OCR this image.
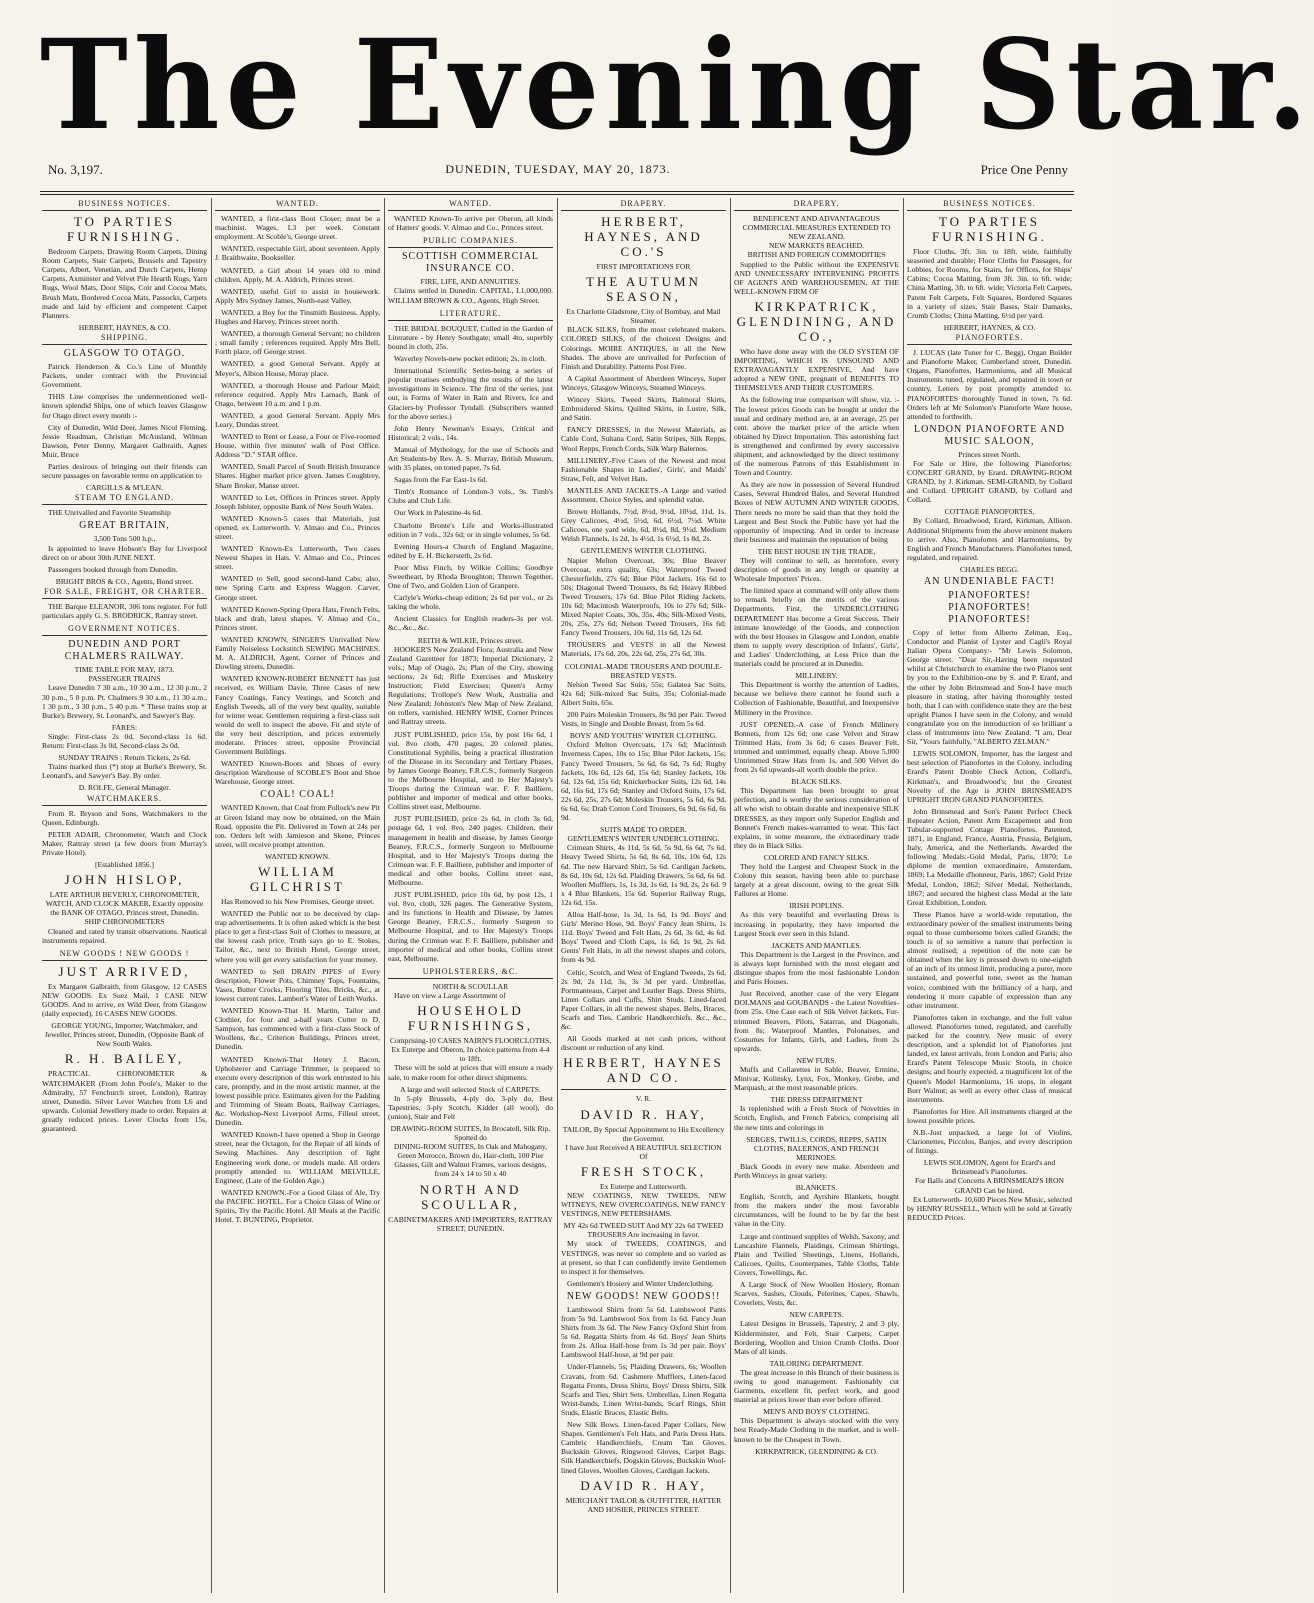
The Evening Star.
No. 3,197.	DUNEDIN, TUESDAY, MAY 20, 1873.	Price One Penny
BUSINESS NOTICES.
TO PARTIES FURNISHING.
Bedroom Carpets, Drawing Room Carpets, Dining Room Carpets, Stair Carpets, Brussels and Tapestry Carpets, Albert, Venetian, and Dutch Carpets, Hemp Carpets, Axminster and Velvet Pile Hearth Rugs, Yarn Rugs, Wool Mats, Door Slips, Coir and Cocoa Mats, Brush Mats, Bordered Cocoa Mats, Passocks, Carpets made and laid by efficient and competent Carpet Planners.
HERBERT, HAYNES, & CO.
SHIPPING.
GLASGOW TO OTAGO.
Patrick Henderson & Co.'s Line of Monthly Packets, under contract with the Provincial Government.
THIS Line comprises the undermentioned well-known splendid Ships, one of which leaves Glasgow for Otago direct every month :-
City of Dunedin, Wild Deer, James Nicol Fleming, Jessie Readman, Christian McAusland, Wilman Dawson, Peter Denny, Margaret Galbraith, Agnes Muir, Bruce
Parties desirous of bringing out their friends can secure passages on favorable terms on application to
CARGILLS & M'LEAN.
STEAM TO ENGLAND.
THE Unrivalled and Favorite Steamship
GREAT BRITAIN,
3,500 Tons 500 h.p.,
Is appointed to leave Hobson's Bay for Liverpool direct on or about 30th JUNE NEXT.
Passengers booked through from Dunedin.
BRIGHT BROS & CO., Agents, Bond street.
FOR SALE, FREIGHT, OR CHARTER.
THE Barque ELEANOR, 306 tons register. For full particulars apply G. S. BRODRICK, Rattray street.
GOVERNMENT NOTICES.
DUNEDIN AND PORT CHALMERS RAILWAY.
TIME TABLE FOR MAY, 1873.
PASSENGER TRAINS
Leave Dunedin 7 30 a.m., 10 30 a.m., 12 30 p.m., 2 30 p.m., 5 0 p.m. Pt. Chalmers 9 30 a.m., 11 30 a.m., 1 30 p.m., 3 30 p.m., 5 40 p.m. * These trains stop at Burke's Brewery, St. Leonard's, and Sawyer's Bay.
FARES:
Single: First-class 2s 0d, Second-class 1s 6d. Return: First-class 3s 0d, Second-class 2s 0d.
SUNDAY TRAINS : Return Tickets, 2s 6d.
Trains marked thus (*) stop at Burke's Brewery, St. Leonard's, and Sawyer's Bay. By order.
D. ROLFE, General Manager.
WATCHMAKERS.
From R. Bryson and Sons, Watchmakers to the Queen, Edinburgh.
PETER ADAIR, Chronometer, Watch and Clock Maker, Rattray street (a few doors from Murray's Private Hotel).
[Established 1856.]
JOHN HISLOP,
LATE ARTHUR BEVERLY, CHRONOMETER, WATCH, AND CLOCK MAKER, Exactly opposite the BANK OF OTAGO, Princes street, Dunedin.
SHIP CHRONOMETERS
Cleaned and rated by transit observations. Nautical instruments repaired.
NEW GOODS ! NEW GOODS !
JUST ARRIVED,
Ex Margaret Galbraith, from Glasgow, 12 CASES NEW GOODS. Ex Suez Mail, 1 CASE NEW GOODS. And to arrive, ex Wild Deer, from Glasgow (daily expected), 16 CASES NEW GOODS.
GEORGE YOUNG, Importer, Watchmaker, and Jeweller, Princes street, Dunedin, (Opposite Bank of New South Wales.
R. H. BAILEY,
PRACTICAL CHRONOMETER & WATCHMAKER (From John Poole's, Maker to the Admiralty, 57 Fenchurch street, London), Rattray street, Dunedin. Silver Lever Watches from L6 and upwards. Colonial Jewellery made to order. Repairs at greatly reduced prices. Lever Clocks from 15s, guaranteed.
WANTED.
WANTED, a first-class Boot Closer; must be a machinist. Wages, L3 per week. Constant employment. At Scoble's, George street.
WANTED, respectable Girl, about seventeen. Apply J. Braithwaite, Bookseller.
WANTED, a Girl about 14 years old to mind children. Apply, M. A. Aldrich, Princes street.
WANTED, useful Girl to assist in housework. Apply Mrs Sydney James, North-east Valley.
WANTED, a Boy for the Tinsmith Business. Apply, Hughes and Harvey, Princes street north.
WANTED, a thorough General Servant; no children ; small family ; references required. Apply Mrs Bell, Forth place, off George street.
WANTED, a good General Servant. Apply at Meyer's, Albion House, Moray place.
WANTED, a thorough House and Parlour Maid; reference required. Apply Mrs Larnach, Bank of Otago, between 10 a.m. and 1 p.m.
WANTED, a good General Servant. Apply Mrs Leary, Dundas street.
WANTED to Rent or Lease, a Four or Five-roomed House, within five minutes' walk of Post Office. Address "D." STAR office.
WANTED, Small Parcel of South British Insurance Shares. Higher market price given. James Coughtrey, Share Broker, Manse street.
WANTED to Let, Offices in Princes street. Apply Joseph Isbister, opposite Bank of New South Wales.
WANTED Known-5 cases that Materials, just opened, ex Lutterworth. V. Almao and Co., Princes street.
WANTED Known-Ex Lutterworth, Two cases Newest Shapes in Hats. V. Almao and Co., Princes street.
WANTED to Sell, good second-hand Cabs; also, new Spring Carts and Express Waggon. Carver, George street.
WANTED Known-Spring Opera Hats, French Felts, black and drab, latest shapes. V. Almao and Co., Princes street.
WANTED KNOWN, SINGER'S Unrivalled New Family Noiseless Lockstitch SEWING MACHINES. M. A. ALDRICH, Agent, Corner of Princes and Dowling streets, Dunedin.
WANTED KNOWN-ROBERT BENNETT has just received, ex William Davie, Three Cases of new Fancy Coatings, Fancy Vestings, and Scotch and English Tweeds, all of the very best quality, suitable for winter wear. Gentlemen requiring a first-class suit would do well to inspect the above. Fit and style of the very best description, and prices extremely moderate. Princes street, opposite Provincial Government Buildings.
WANTED Known-Boots and Shoes of every description Warehouse of SCOBLE'S Boot and Shoe Warehouse, George street.
COAL! COAL!
WANTED Known, that Coal from Pollock's new Pit at Green Island may now be obtained, on the Main Road, opposite the Pit. Delivered in Town at 24s per ton. Orders left with Jamieson and Skene, Princes street, will receive prompt attention.
WANTED KNOWN.
WILLIAM GILCHRIST
Has Removed to his New Premises, George street.
WANTED the Public not to be deceived by clap-trap advertisements. It is often asked which is the best place to get a first-class Suit of Clothes to measure, at the lowest cash price. Truth says go to E. Stokes, Tailor, &c., next to British Hotel, George street, where you will get every satisfaction for your money.
WANTED to Sell DRAIN PIPES of Every description, Flower Pots, Chimney Tops, Fountains, Vases, Butter Crocks, Flooring Tiles, Bricks, &c., at lowest current rates. Lambert's Water of Leith Works.
WANTED Known-That H. Martin, Tailor and Clothier, for four and a-half years Cutter to D. Sampson, has commenced with a first-class Stock of Woollens, &c., Criterion Buildings, Princes street, Dunedin.
WANTED Known-That Henry J. Bacon, Upholsterer and Carriage Trimmer, is prepared to execute every description of this work entrusted to his care, promptly, and in the most artistic manner, at the lowest possible price. Estimates given for the Padding and Trimming of Steam Boats, Railway Carriages, &c. Workshop-Next Liverpool Arms, Filleul street, Dunedin.
WANTED Known-I have opened a Shop in George street, near the Octagon, for the Repair of all kinds of Sewing Machines. Any description of light Engineering work done, or models made. All orders promptly attended to. WILLIAM MELVILLE, Engineer, (Late of the Golden Age.)
WANTED KNOWN.-For a Good Glass of Ale, Try the PACIFIC HOTEL. For a Choice Glass of Wine or Spirits, Try the Pacific Hotel. All Meals at the Pacific Hotel. T. BUNTING, Proprietor.
WANTED.
WANTED Known-To arrive per Oberon, all kinds of Hatters' goods. V. Almao and Co., Princes street.
PUBLIC COMPANIES.
SCOTTISH COMMERCIAL INSURANCE CO.
FIRE, LIFE, AND ANNUITIES.
Claims settled in Dunedin. CAPITAL, L1,000,000. WILLIAM BROWN & CO., Agents, High Street.
LITERATURE.
THE BRIDAL BOUQUET, Culled in the Garden of Literature - by Henry Southgate; small 4to, superbly bound in cloth, 25s.
Waverley Novels-new pocket edition; 2s, in cloth.
International Scientific Series-being a series of popular treatises embodying the results of the latest investigations in Science. The first of the series, just out, is Forms of Water in Rain and Rivers, Ice and Glaciers-by Professor Tyndall. (Subscribers wanted for the above series.)
John Henry Newman's Essays, Critical and Historical; 2 vols., 14s.
Manual of Mythology, for the use of Schools and Art Students-by Rev. A. S. Murray, British Museum, with 35 plates, on toned paper, 7s 6d.
Sagas from the Far East-1s 6d.
Timb's Romance of London-3 vols., 9s. Timb's Clubs and Club Life.
Our Work in Palestine-4s 6d.
Charlotte Bronte's Life and Works-illustrated edition in 7 vols., 32s 6d; or in single volumes, 5s 6d.
Evening Hours-a Church of England Magazine, edited by E. H. Bickersteth, 2s 6d.
Poor Miss Finch, by Wilkie Collins; Goodbye Sweetheart, by Rhoda Broughton; Thrown Together, One of Two, and Golden Lion of Granpere.
Carlyle's Works-cheap edition; 2s 6d per vol., or 2s taking the whole.
Ancient Classics for English readers-3s per vol. &c., &c., &c.
REITH & WILKIE, Princes street.
HOOKER'S New Zealand Flora; Australia and New Zealand Gazetteer for 1873; Imperial Dictionary, 2 vols.; Map of Otago, 2s; Plan of the City, showing sections, 2s 6d; Rifle Exercises and Musketry Instruction; Field Exercises; Queen's Army Regulations; Trollope's New Work, Australia and New Zealand; Johnston's New Map of New Zealand, on rollers, varnished. HENRY WISE, Corner Princes and Rattray streets.
JUST PUBLISHED, price 15s, by post 16s 6d, 1 vol. 8vo cloth, 470 pages, 20 colored plates, Constitutional Syphilis, being a practical illustration of the Disease in its Secondary and Tertiary Phases, by James George Beaney, F.R.C.S., formerly Surgeon to the Melbourne Hospital, and to Her Majesty's Troops during the Crimean war. F. F. Bailliere, publisher and importer of medical and other books, Collins street east, Melbourne.
JUST PUBLISHED, price 2s 6d, in cloth 3s 6d, postage 6d, 1 vol. 8vo, 240 pages. Children, their management in health and disease, by James George Beaney, F.R.C.S., formerly Surgeon to Melbourne Hospital, and to Her Majesty's Troops during the Crimean war. F. F. Bailliere, publisher and importer of medical and other books, Collins street east, Melbourne.
JUST PUBLISHED, price 10s 6d, by post 12s, 1 vol. 8vo, cloth, 326 pages. The Generative System, and its functions in Health and Disease, by James George Beaney, F.R.C.S., formerly Surgeon to Melbourne Hospital, and to Her Majesty's Troops during the Crimean war. F. F. Bailliere, publisher and importer of medical and other books, Collins street east, Melbourne.
UPHOLSTERERS, &C.
NORTH & SCOULLAR
Have on view a Large Assortment of
HOUSEHOLD FURNISHINGS,
Comprising-10 CASES NAIRN'S FLOORCLOTHS, Ex Euterpe and Oberon, In choice patterns from 4-4 to 18ft.
These will be sold at prices that will ensure a ready sale, to make room for other direct shipments.
A large and well selected Stock of CARPETS.
In 5-ply Brussels, 4-ply do, 3-ply do, Best Tapestries, 3-ply Scotch, Kidder (all wool), do (union), Stair and Felt
DRAWING-ROOM SUITES, In Brocatell, Silk Rip, Spotted do
DINING-ROOM SUITES, In Oak and Mahogany, Green Morocco, Brown do, Hair-cloth, 100 Pier Glasses, Gilt and Walnut Frames, various designs, from 24 x 14 to 50 x 40
NORTH AND SCOULLAR,
CABINETMAKERS AND IMPORTERS, RATTRAY STREET, DUNEDIN.
DRAPERY.
HERBERT, HAYNES, AND CO.'S
FIRST IMPORTATIONS FOR
THE AUTUMN SEASON,
Ex Charlotte Gladstone, City of Bombay, and Mail Steamer.
BLACK SILKS, from the most celebrated makers. COLORED SILKS, of the choicest Designs and Colorings. MOIRE ANTIQUES, in all the New Shades. The above are unrivalled for Perfection of Finish and Durability. Patterns Post Free.
A Capital Assortment of Aberdeen Winceys, Super Winceys, Glasgow Winceys, Steamed Winceys.
Wincey Skirts, Tweed Skirts, Balmoral Skirts, Embroidered Skirts, Quilted Skirts, in Lustre, Silk, and Satin.
FANCY DRESSES, in the Newest Materials, as Cable Cord, Sultana Cord, Satin Stripes, Silk Repps, Wool Repps, French Cords, Silk Warp Balernos.
MILLINERY.-Five Cases of the Newest and most Fashionable Shapes in Ladies', Girls', and Maids' Straw, Felt, and Velvet Hats.
MANTLES AND JACKETS.-A Large and varied Assortment, Choice Styles, and splendid value.
Brown Hollands, 7½d, 8½d, 9½d, 10½d, 11d, 1s. Grey Calicoes, 4½d, 5½d, 6d, 6½d, 7½d. White Calicoes, one yard wide, 6d, 8½d, 8d, 9½d. Medium Welsh Flannels, 1s 2d, 1s 4½d, 1s 6½d, 1s 8d, 2s.
GENTLEMEN'S WINTER CLOTHING.
Napier Melton Overcoat, 30s; Blue Beaver Overcoat, extra quality, 63s; Waterproof Tweed Chesterfields, 27s 6d; Blue Pilot Jackets, 16s 6d to 50s; Diagonal Tweed Trousers, 8s 6d; Heavy Ribbed Tweed Trousers, 17s 6d. Blue Pilot Riding Jackets, 10s 6d; Macintosh Waterproofs, 10s to 27s 6d; Silk-Mixed Napier Coats, 30s, 35s, 40s; Silk-Mixed Vests, 20s, 25s, 27s 6d; Nelson Tweed Trousers, 16s 6d; Fancy Tweed Trousers, 10s 6d, 11s 6d, 12s 6d.
TROUSERS and VESTS in all the Newest Materials, 17s 6d, 20s, 22s 6d, 25s, 27s 6d, 30s.
COLONIAL-MADE TROUSERS AND DOUBLE-BREASTED VESTS.
Nelson Tweed Sac Suits, 55s; Galatea Sac Suits, 42s 6d; Silk-mixed Sac Suits, 35s; Colonial-made Albert Suits, 65s.
200 Pairs Moleskin Trousers, 8s 9d per Pair. Tweed Vests, in Single and Double Breast, from 5s 6d.
BOYS' AND YOUTHS' WINTER CLOTHING.
Oxford Melton Overcoats, 17s 6d; Macintosh Inverness Capes, 10s to 15s; Blue Pilot Jackets, 15s; Fancy Tweed Trousers, 5s 6d, 6s 6d, 7s 6d; Rugby Jackets, 10s 6d, 12s 6d, 15s 6d; Stanley Jackets, 10s 6d, 12s 6d, 15s 6d; Knickerbocker Suits, 12s 6d, 14s 6d, 16s 6d, 17s 6d; Stanley and Oxford Suits, 17s 6d, 22s 6d, 25s, 27s 6d; Moleskin Trousers, 5s 6d, 6s 9d, 6s 6d, 6s; Drab Cotton Cord Trousers, 6s 9d, 6s 6d, 6s 9d.
SUITS MADE TO ORDER.
GENTLEMEN'S WINTER UNDERCLOTHING.
Crimean Shirts, 4s 11d, 5s 6d, 5s 9d, 6s 6d, 7s 6d. Heavy Tweed Shirts, 5s 6d, 8s 6d, 10s, 10s 6d, 12s 6d. The new Harvard Shirt, 5s 6d. Cardigan Jackets, 8s 6d, 10s 6d, 12s 6d. Plaiding Drawers, 5s 6d, 6s 6d. Woollen Mufflers, 1s, 1s 3d, 1s 6d, 1s 9d, 2s, 2s 6d. 9 x 4 Blue Blankets, 15s 6d. Superior Railway Rugs, 12s 6d, 15s.
Alloa Half-hose, 1s 3d, 1s 6d, 1s 9d. Boys' and Girls' Merino Hose, 9d. Boys' Fancy Jean Shirts, 1s 11d. Boys' Tweed and Felt Hats, 2s 6d, 3s 6d, 4s 6d. Boys' Tweed and Cloth Caps, 1s 6d, 1s 9d, 2s 6d. Gents' Felt Hats, in all the newest shapes and colors, from 4s 9d.
Celtic, Scotch, and West of England Tweeds, 2s 6d, 2s 9d, 2s 11d, 3s, 3s 3d per yard. Umbrellas, Portmanteaus, Carpet and Leather Bags. Dress Shirts, Linen Collars and Cuffs, Shirt Studs. Lined-faced Paper Collars, in all the newest shapes. Belts, Braces, Scarfs and Ties, Cambric Handkerchiefs. &c., &c., &c.
All Goods marked at net cash prices, without discount or reduction of any kind.
HERBERT, HAYNES AND CO.
V. R.
DAVID R. HAY,
TAILOR, By Special Appointment to His Excellency the Governor.
I have Just Received A BEAUTIFUL SELECTION Of
FRESH STOCK,
Ex Euterpe and Lutterworth.
NEW COATINGS, NEW TWEEDS, NEW WITNEYS, NEW OVERCOATINGS, NEW FANCY VESTINGS, NEW PETERSHAMS.
MY 42s 6d TWEED SUIT And MY 22s 6d TWEED TROUSERS Are increasing in favor.
My stock of TWEEDS, COATINGS, and VESTINGS, was never so complete and so varied as at present, so that I can confidently invite Gentlemen to inspect it for themselves.
Gentlemen's Hosiery and Winter Underclothing.
NEW GOODS! NEW GOODS!!
Lambswool Shirts from 5s 6d. Lambswool Pants from 5s 9d. Lambswool Sox from 1s 6d. Fancy Jean Shirts from 3s 6d. The New Fancy Oxford Shirt from 5s 6d. Regatta Shirts from 4s 6d. Boys' Jean Shirts from 2s. Alloa Half-hose from 1s 3d per pair. Boys' Lambswool Half-hose, at 9d per pair.
Under-Flannels, 5s; Plaiding Drawers, 6s; Woollen Cravats, from 6d. Cashmere Mufflers, Linen-faced Regatta Fronts, Dress Shirts, Boys' Dress Shirts, Silk Scarfs and Ties, Shirt Sets. Umbrellas, Linen Regatta Wrist-bands, Linen Wrist-bands, Scarf Rings, Shirt Studs, Elastic Braces, Elastic Belts.
New Silk Bows. Linen-faced Paper Collars, New Shapes. Gentlemen's Felt Hats, and Paris Dress Hats. Cambric Handkerchiefs, Cream Tan Gloves, Buckskin Gloves, Ringwood Gloves, Carpet Bags. Silk Handkerchiefs, Dogskin Gloves, Buckskin Wool-lined Gloves, Woollen Gloves, Cardigan Jackets.
DAVID R. HAY,
MERCHANT TAILOR & OUTFITTER, HATTER AND HOSIER, PRINCES STREET.
DRAPERY.
BENEFICENT AND ADVANTAGEOUS COMMERCIAL MEASURES EXTENDED TO NEW ZEALAND.
NEW MARKETS REACHED.
BRITISH AND FOREIGN COMMODITIES
Supplied to the Public without the EXPENSIVE AND UNNECESSARY INTERVENING PROFITS OF AGENTS AND WAREHOUSEMEN, AT THE WELL-KNOWN FIRM OF
KIRKPATRICK, GLENDINING, AND CO.,
Who have done away with the OLD SYSTEM OF IMPORTING, WHICH IS UNSOUND AND EXTRAVAGANTLY EXPENSIVE, And have adopted a NEW ONE, pregnant of BENEFITS TO THEMSELVES AND THEIR CUSTOMERS.
As the following true comparison will show, viz. :- The lowest prices Goods can be bought at under the usual and ordinary method are, at an average, 25 per cent. above the market price of the article when obtained by Direct Importation. This astonishing fact is strengthened and confirmed by every successive shipment, and acknowledged by the direct testimony of the numerous Patrons of this Establishment in Town and Country.
As they are now in possession of Several Hundred Cases, Several Hundred Bales, and Several Hundred Boxes of NEW AUTUMN AND WINTER GOODS, There needs no more be said than that they hold the Largest and Best Stock the Public have yet had the opportunity of inspecting. And in order to increase their business and maintain the reputation of being
THE BEST HOUSE IN THE TRADE,
They will continue to sell, as heretofore, every description of goods in any length or quantity at Wholesale Importers' Prices.
The limited space at command will only allow them to remark briefly on the merits of the various Departments. First, the UNDERCLOTHING DEPARTMENT Has become a Great Success. Their intimate knowledge of the Goods, and connection with the best Houses in Glasgow and London, enable them to supply every description of Infants', Girls', and Ladies' Underclothing, at Less Price than the materials could be procured at in Dunedin.
MILLINERY.
This Department is worthy the attention of Ladies, because we believe there cannot be found such a Collection of Fashionable, Beautiful, and Inexpensive Millinery in the Province.
JUST OPENED.-A case of French Millinery Bonnets, from 12s 6d; one case Velvet and Straw Trimmed Hats, from 3s 6d; 6 cases Beaver Felt, trimmed and untrimmed, equally cheap. Above 5,000 Untrimmed Straw Hats from 1s, and 500 Velvet do from 2s 6d upwards-all worth double the price.
BLACK SILKS.
This Department has been brought to great perfection, and is worthy the serious consideration of all who wish to obtain durable and inexpensive SILK DRESSES, as they import only Superior English and Bonnet's French makes-warranted to wear. This fact explains, in some measure, the extraordinary trade they do in Black Silks.
COLORED AND FANCY SILKS.
They hold the Largest and Cheapest Stock in the Colony this season, having been able to purchase largely at a great discount, owing to the great Silk Failures at Home.
IRISH POPLINS.
As this very beautiful and everlasting Dress is increasing in popularity, they have imported the Largest Stock ever seen in this Island.
JACKETS AND MANTLES.
This Department is the Largest in the Province, and is always kept furnished with the most elegant and distingue shapes from the most fashionable London and Paris Houses.
Just Received, another case of the very Elegant DOLMANS and GOUBANDS - the Latest Novelties-from 25s. One Case each of Silk Velvet Jackets, Fur-trimmed Beavers, Pilots, Satarras, and Diagonals, from 8s; Waterproof Mantles, Polonaises, and Costumes for Infants, Girls, and Ladies, from 2s upwards.
NEW FURS.
Muffs and Collarettes in Sable, Beaver, Ermine, Minivar, Kolinsky, Lynx, Fox, Monkey, Grebe, and Marquash, at the most reasonable prices.
THE DRESS DEPARTMENT
Is replenished with a Fresh Stock of Novelties in Scotch, English, and French Fabrics, comprising all the new tints and colorings in
SERGES, TWILLS, CORDS, REPPS, SATIN CLOTHS, BALERNOS, AND FRENCH MERINOES.
Black Goods in every new make. Aberdeen and Perth Winceys in great variety.
BLANKETS.
English, Scotch, and Ayrshire Blankets, bought from the makers under the most favorable circumstances, will be found to be by far the best value in the City.
Large and continued supplies of Welsh, Saxony, and Lancashire Flannels, Plaidings, Crimean Shirtings, Plain and Twilled Sheetings, Linens, Hollands, Calicoes, Quilts, Counterpanes, Table Cloths, Table Covers, Towellings, &c.
A Large Stock of New Woollen Hosiery, Roman Scarves, Sashes, Clouds, Pelerines, Capes, Shawls, Coverlets, Vests, &c.
NEW CARPETS.
Latest Designs in Brussels, Tapestry, 2 and 3 ply, Kidderminster, and Felt, Stair Carpets, Carpet Bordering, Woollen and Union Crumb Cloths. Door Mats of all kinds.
TAILORING DEPARTMENT.
The great increase in this Branch of their business is owing to good management. Fashionably cut Garments, excellent fit, perfect work, and good material at prices lower than ever before offered.
MEN'S AND BOYS' CLOTHING.
This Department is always stocked with the very best Ready-Made Clothing in the market, and is well-known to be the Cheapest in Town.
KIRKPATRICK, GLENDINING & CO.
BUSINESS NOTICES.
TO PARTIES FURNISHING.
Floor Cloths, 3ft. 3in. to 18ft. wide, faithfully seasoned and durable; Floor Cloths for Passages, for Lobbies, for Rooms, for Stairs, for Offices, for Ships' Cabins; Cocoa Matting, from 3ft. 3in. to 6ft. wide; China Matting, 3ft. to 6ft. wide; Victoria Felt Carpets, Patent Felt Carpets, Felt Squares, Bordered Squares in a variety of sizes, Stair Bases, Stair Damasks, Crumb Cloths; China Matting, 6½d per yard.
HERBERT, HAYNES, & CO.
PIANOFORTES.
J. LUCAS (late Tuner for C. Begg), Organ Builder and Pianoforte Maker, Cumberland street, Dunedin. Organs, Pianofortes, Harmoniums, and all Musical Instruments tuned, regulated, and repaired in town or country. Letters by post promptly attended to. PIANOFORTES thoroughly Tuned in town, 7s 6d. Orders left at Mr Solomon's Pianoforte Ware house, attended to forthwith.
LONDON PIANOFORTE AND MUSIC SALOON,
Princes street North.
For Sale or Hire, the following Pianofortes: CONCERT GRAND, by Erard. DRAWING-ROOM GRAND, by J. Kirkman. SEMI-GRAND, by Collard and Collard. UPRIGHT GRAND, by Collard and Collard.
COTTAGE PIANOFORTES,
By Collard, Broadwood, Erard, Kirkman, Allison. Additional Shipments from the above eminent makers to arrive. Also, Pianofortes and Harmoniums, by English and French Manufacturers. Pianofortes tuned, regulated, and repaired.
CHARLES BEGG.
AN UNDENIABLE FACT!
PIANOFORTES! PIANOFORTES! PIANOFORTES!
Copy of letter from Alberto Zelman, Esq., Conductor and Pianist of Lyster and Cagli's Royal Italian Opera Company:- "Mr Lewis Solomon, George street. "Dear Sir,-Having been requested whilst at Christchurch to examine the two Pianos sent by you to the Exhibition-one by S. and P. Erard, and the other by John Brinsmead and Son-I have much pleasure in stating, after having thoroughly tested both, that I can with confidence state they are the best upright Pianos I have seen in the Colony, and would congratulate you on the introduction of so brilliant a class of instruments into New Zealand. "I am, Dear Sir, "Yours faithfully, "ALBERTO ZELMAN."
LEWIS SOLOMON, Importer, has the largest and best selection of Pianofortes in the Colony, including Erard's Patent Double Check Action, Collard's, Kirkman's, and Broadwood's; but the Greatest Novelty of the Age is JOHN BRINSMEAD'S UPRIGHT IRON GRAND PIANOFORTES.
John Brinsmead and Son's Patent Perfect Check Repeater Action, Patent Arm Escapement and Iron Tubular-supported Cottage Pianofortes. Patented, 1871, in England, France, Austria, Prussia, Belgium, Italy, America, and the Netherlands. Awarded the following Medals:-Gold Medal, Paris, 1870; Le diplome de mention extraordinaire, Amsterdam, 1869; La Medaille d'honneur, Paris, 1867; Gold Prize Medal, London, 1862; Silver Medal, Netherlands, 1867; and secured the highest class Medal at the late Great Exhibition, London.
These Pianos have a world-wide reputation, the extraordinary power of the smallest instruments being equal to those cumbersome boxes called Grands; the touch is of so sensitive a nature that perfection is almost realised; a repetition of the note can be obtained when the key is pressed down to one-eighth of an inch of its utmost limit, producing a purer, more sustained, and powerful tone, sweet as the human voice, combined with the brilliancy of a harp, and rendering it more capable of expression than any other instrument.
Pianofortes taken in exchange, and the full value allowed. Pianofortes tuned, regulated, and carefully packed for the country. New music of every description, and a splendid lot of Pianofortes just landed, ex latest arrivals, from London and Paris; also Erard's Patent Telescope Music Stools, in choice designs; and hourly expected, a magnificent lot of the Queen's Model Harmoniums, 16 stops, in elegant Burr Walnut; as well as every other class of musical instruments.
Pianofortes for Hire. All instruments charged at the lowest possible prices.
N.B.-Just unpacked, a large lot of Violins, Clarionettes, Piccolos, Banjos, and every description of fittings.
LEWIS SOLOMON, Agent for Erard's and Brinsmead's Pianofortes.
For Balls and Concerts A BRINSMEAD'S IRON GRAND Can be hired.
Ex Lutterworth- 10,600 Pieces New Music, selected by HENRY RUSSELL, Which will be sold at Greatly REDUCED Prices.
